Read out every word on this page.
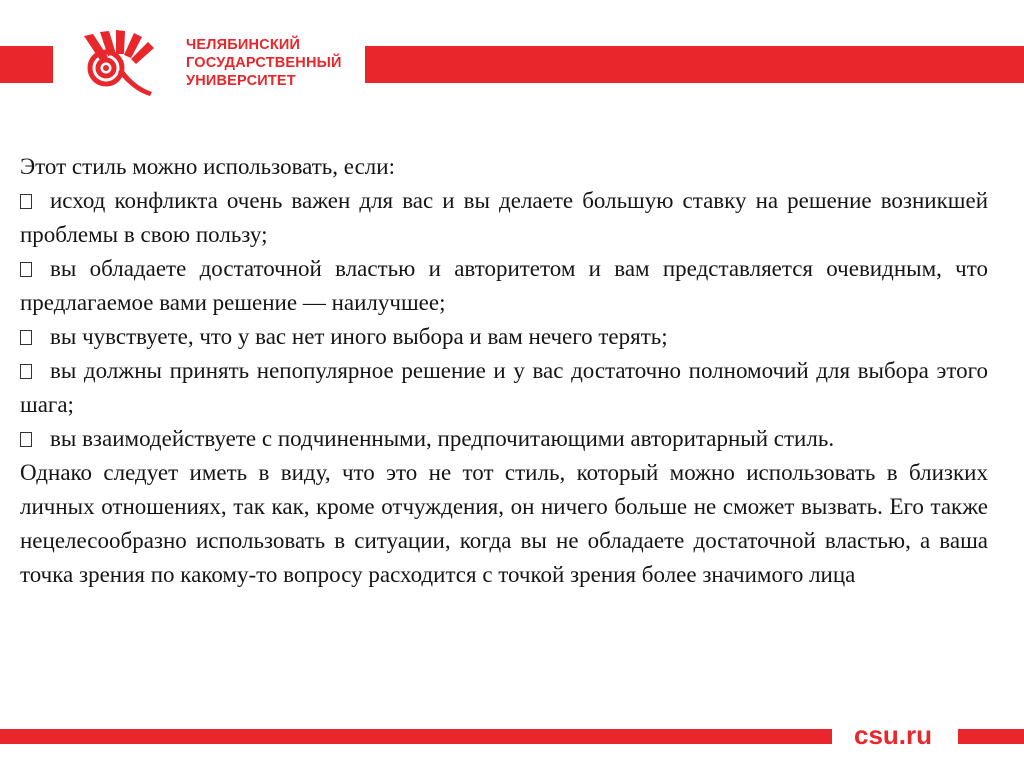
ЧЕЛЯБИНСКИЙ
ГОСУДАРСТВЕННЫЙ
УНИВЕРСИТЕТ

Этот стиль можно использовать, если:

исход конфликта очень важен для вас и вы делаете большую ставку на решение возникшей проблемы в свою пользу;

вы обладаете достаточной властью и авторитетом и вам представляется очевидным, что предлагаемое вами решение — наилучшее;

вы чувствуете, что у вас нет иного выбора и вам нечего терять;

вы должны принять непопулярное решение и у вас достаточно полномочий для выбора этого шага;

вы взаимодействуете с подчиненными, предпочитающими авторитарный стиль.

Однако следует иметь в виду, что это не тот стиль, который можно использовать в близких личных отношениях, так как, кроме отчуждения, он ничего больше не сможет вызвать. Его также нецелесообразно использовать в ситуации, когда вы не обладаете достаточной властью, а ваша точка зрения по какому-то вопросу расходится с точкой зрения более значимого лица

csu.ru
